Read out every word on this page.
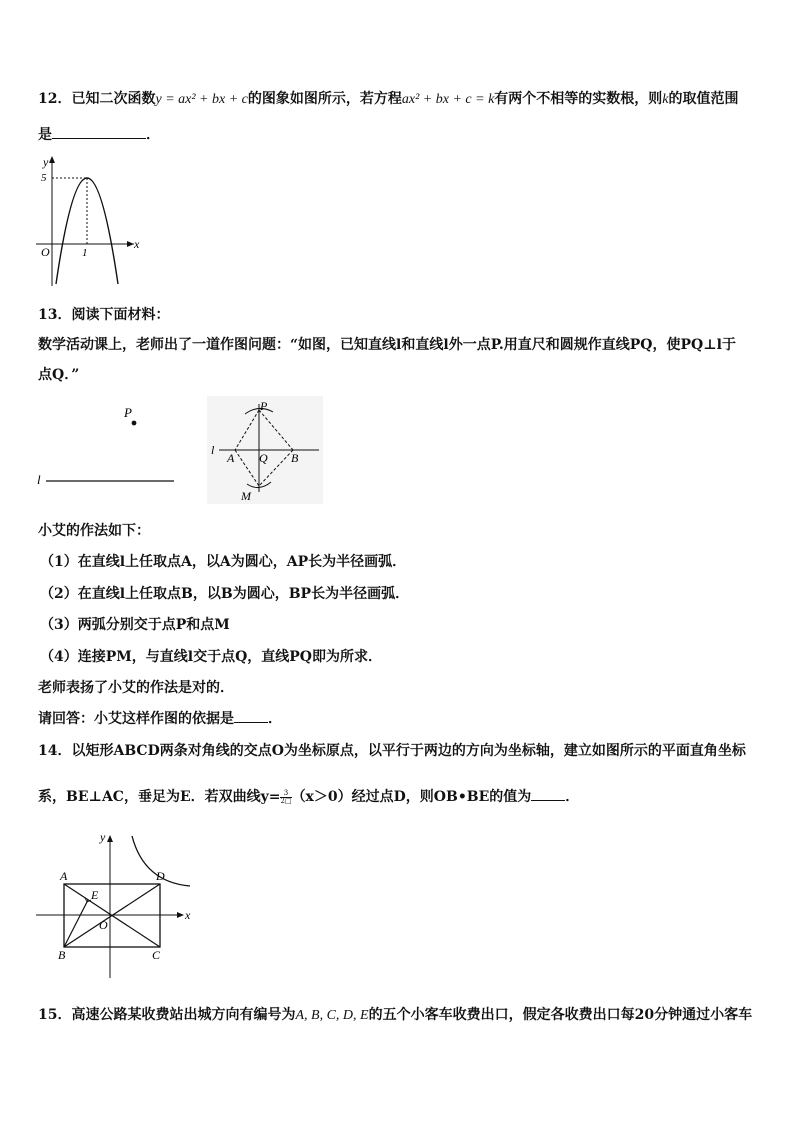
12．已知二次函数y = ax² + bx + c的图象如图所示，若方程ax² + bx + c = k有两个不相等的实数根，则k的取值范围
是	．
y
x
O
5
1
13．阅读下面材料：
数学活动课上，老师出了一道作图问题：“如图，已知直线l和直线l外一点P.用直尺和圆规作直线PQ，使PQ⊥l于
点Q．”
P
l
l
A Q B
P
M
小艾的作法如下：
（1）在直线l上任取点A，以A为圆心，AP长为半径画弧．
（2）在直线l上任取点B，以B为圆心，BP长为半径画弧．
（3）两弧分别交于点P和点M
（4）连接PM，与直线l交于点Q，直线PQ即为所求．
老师表扬了小艾的作法是对的．
请回答：小艾这样作图的依据是 ．
14．以矩形ABCD两条对角线的交点O为坐标原点，以平行于两边的方向为坐标轴，建立如图所示的平面直角坐标
系，BE⊥AC，垂足为E．若双曲线$y= \frac{3}{2□} (x>0)$经过点D，则OB•BE的值为 ．
y
x
A
B	C
D
E
O
15．高速公路某收费站出城方向有编号为A, B, C, D, E的五个小客车收费出口，假定各收费出口每20分钟通过小客车
